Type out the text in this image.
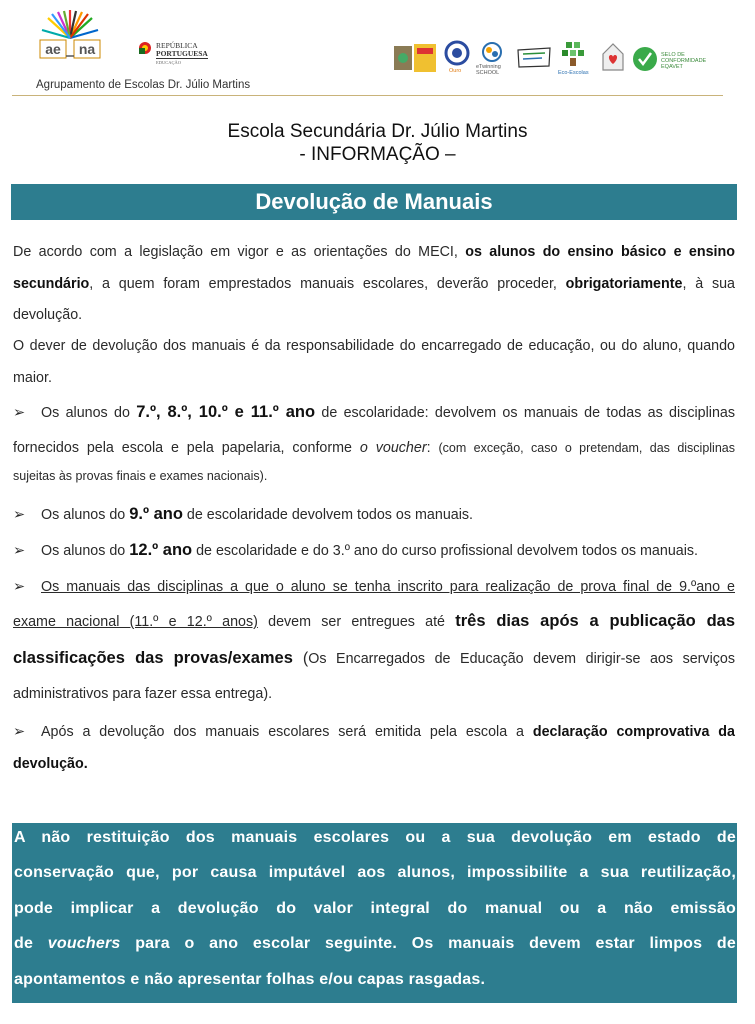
ae na
Agrupamento de Escolas Dr. Júlio Martins
REPÚBLICA
PORTUGUESA
EDUCAÇÃO
Ouro
eTwinning SCHOOL	Eco-Escolas
SELO DE CONFORMIDADE EQAVET
Escola Secundária Dr. Júlio Martins
- INFORMAÇÃO –
Devolução de Manuais
De acordo com a legislação em vigor e as orientações do MECI, os alunos do ensino básico e ensino
secundário, a quem foram emprestados manuais escolares, deverão proceder, obrigatoriamente, à sua
devolução.
O dever de devolução dos manuais é da responsabilidade do encarregado de educação, ou do aluno, quando
maior.
➢ Os alunos do 7.º, 8.º, 10.º e 11.º ano de escolaridade: devolvem os manuais de todas as disciplinas
fornecidos pela escola e pela papelaria, conforme o voucher: (com exceção, caso o pretendam, das disciplinas
sujeitas às provas finais e exames nacionais).
➢ Os alunos do 9.º ano de escolaridade devolvem todos os manuais.
➢ Os alunos do 12.º ano de escolaridade e do 3.º ano do curso profissional devolvem todos os manuais.
➢ Os manuais das disciplinas a que o aluno se tenha inscrito para realização de prova final de 9.ºano e
exame nacional (11.º e 12.º anos) devem ser entregues até três dias após a publicação das
classificações das provas/exames (Os Encarregados de Educação devem dirigir-se aos serviços
administrativos para fazer essa entrega).
➢ Após a devolução dos manuais escolares será emitida pela escola a declaração comprovativa da
devolução.
A não restituição dos manuais escolares ou a sua devolução em estado de
conservação que, por causa imputável aos alunos, impossibilite a sua reutilização,
pode implicar a devolução do valor integral do manual ou a não emissão
de vouchers para o ano escolar seguinte. Os manuais devem estar limpos de
apontamentos e não apresentar folhas e/ou capas rasgadas.
